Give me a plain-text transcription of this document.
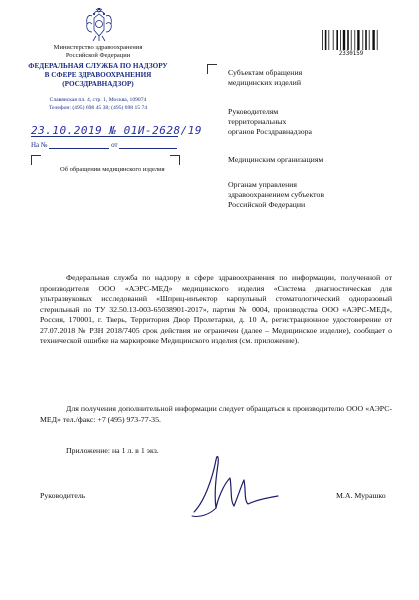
Министерство здравоохранения
Российской Федерации
ФЕДЕРАЛЬНАЯ СЛУЖБА ПО НАДЗОРУ
В СФЕРЕ ЗДРАВООХРАНЕНИЯ
(РОСЗДРАВНАДЗОР)
Славянская пл. 4, стр. 1, Москва, 109074
Телефон: (495) 698 45 38; (495) 698 15 74
23.10.2019 № 01И-2628/19
На №	от
Об обращении медицинского изделия
2330159
Субъектам обращения
медицинских изделий
Руководителям
территориальных
органов Росздравнадзора
Медицинским организациям
Органам управления
здравоохранением субъектов
Российской Федерации
Федеральная служба по надзору в сфере здравоохранения по информации, полученной от производителя ООО «АЭРС-МЕД» медицинского изделия «Система диагностическая для ультразвуковых исследований «Шприц-инъектор карпульный стоматологический одноразовый стерильный по ТУ 32.50.13-003-65038901-2017», партия № 0004, производства ООО «АЭРС-МЕД», Россия, 170001, г. Тверь, Территория Двор Пролетарки, д. 10 А, регистрационное удостоверение от 27.07.2018 № РЗН 2018/7405 срок действия не ограничен (далее – Медицинское изделие), сообщает о технической ошибке на маркировке Медицинского изделия (см. приложение).
Для получения дополнительной информации следует обращаться к производителю ООО «АЭРС-МЕД» тел./факс: +7 (495) 973-77-35.
Приложение: на 1 л. в 1 экз.
Руководитель	М.А. Мурашко
